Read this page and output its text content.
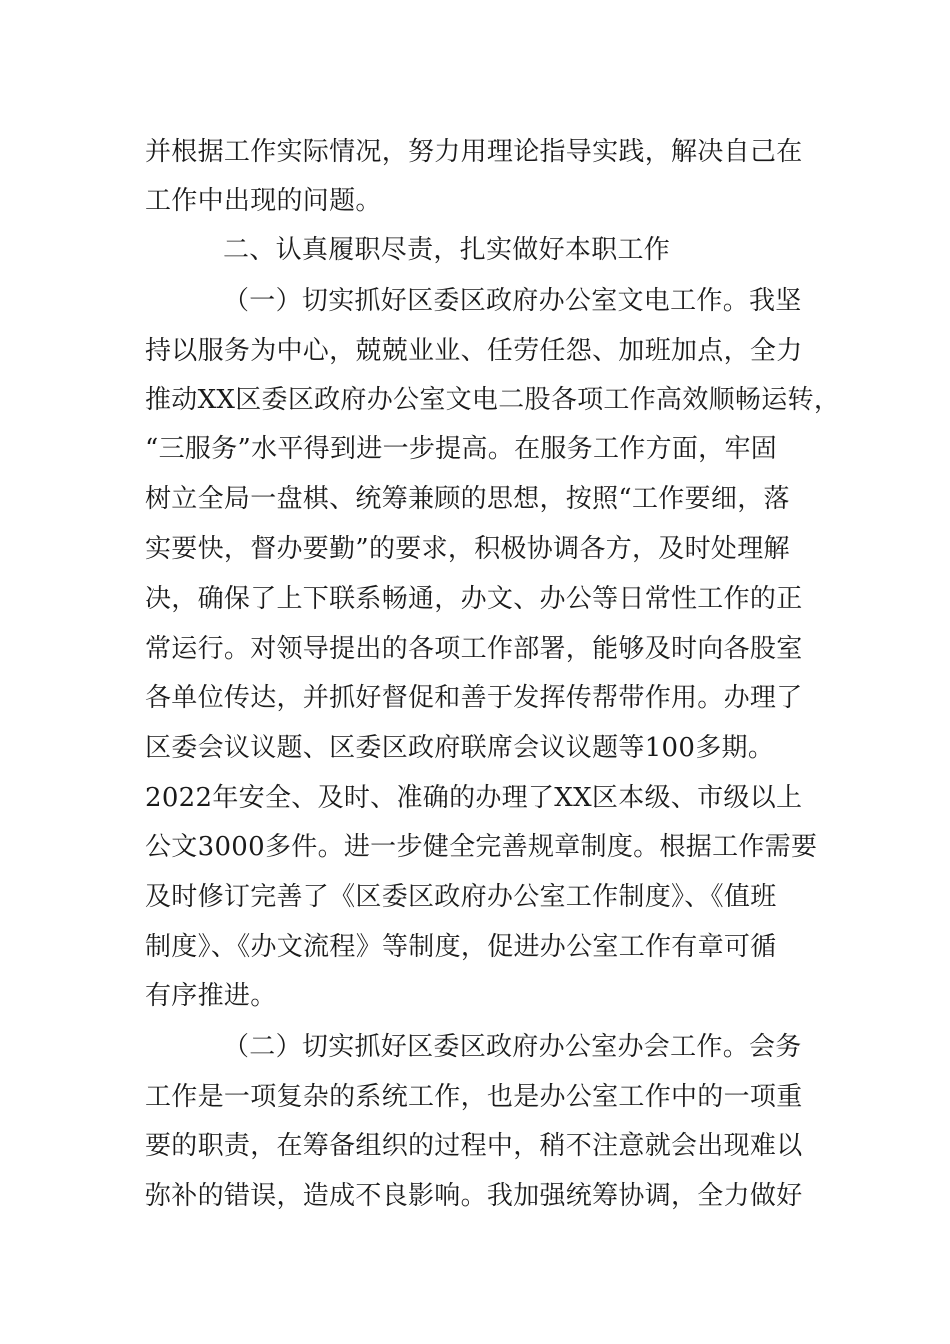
并根据工作实际情况，努力用理论指导实践，解决自己在
工作中出现的问题。
二、认真履职尽责，扎实做好本职工作
（一）切实抓好区委区政府办公室文电工作。我坚
持以服务为中心，兢兢业业、任劳任怨、加班加点，全力
推动XX区委区政府办公室文电二股各项工作高效顺畅运转，
“三服务”水平得到进一步提高。在服务工作方面，牢固
树立全局一盘棋、统筹兼顾的思想，按照“工作要细，落
实要快，督办要勤”的要求，积极协调各方，及时处理解
决，确保了上下联系畅通，办文、办公等日常性工作的正
常运行。对领导提出的各项工作部署，能够及时向各股室
各单位传达，并抓好督促和善于发挥传帮带作用。办理了
区委会议议题、区委区政府联席会议议题等100多期。
2022年安全、及时、准确的办理了XX区本级、市级以上
公文3000多件。进一步健全完善规章制度。根据工作需要
及时修订完善了《区委区政府办公室工作制度》、《值班
制度》、《办文流程》等制度，促进办公室工作有章可循
有序推进。
（二）切实抓好区委区政府办公室办会工作。会务
工作是一项复杂的系统工作，也是办公室工作中的一项重
要的职责，在筹备组织的过程中，稍不注意就会出现难以
弥补的错误，造成不良影响。我加强统筹协调，全力做好
